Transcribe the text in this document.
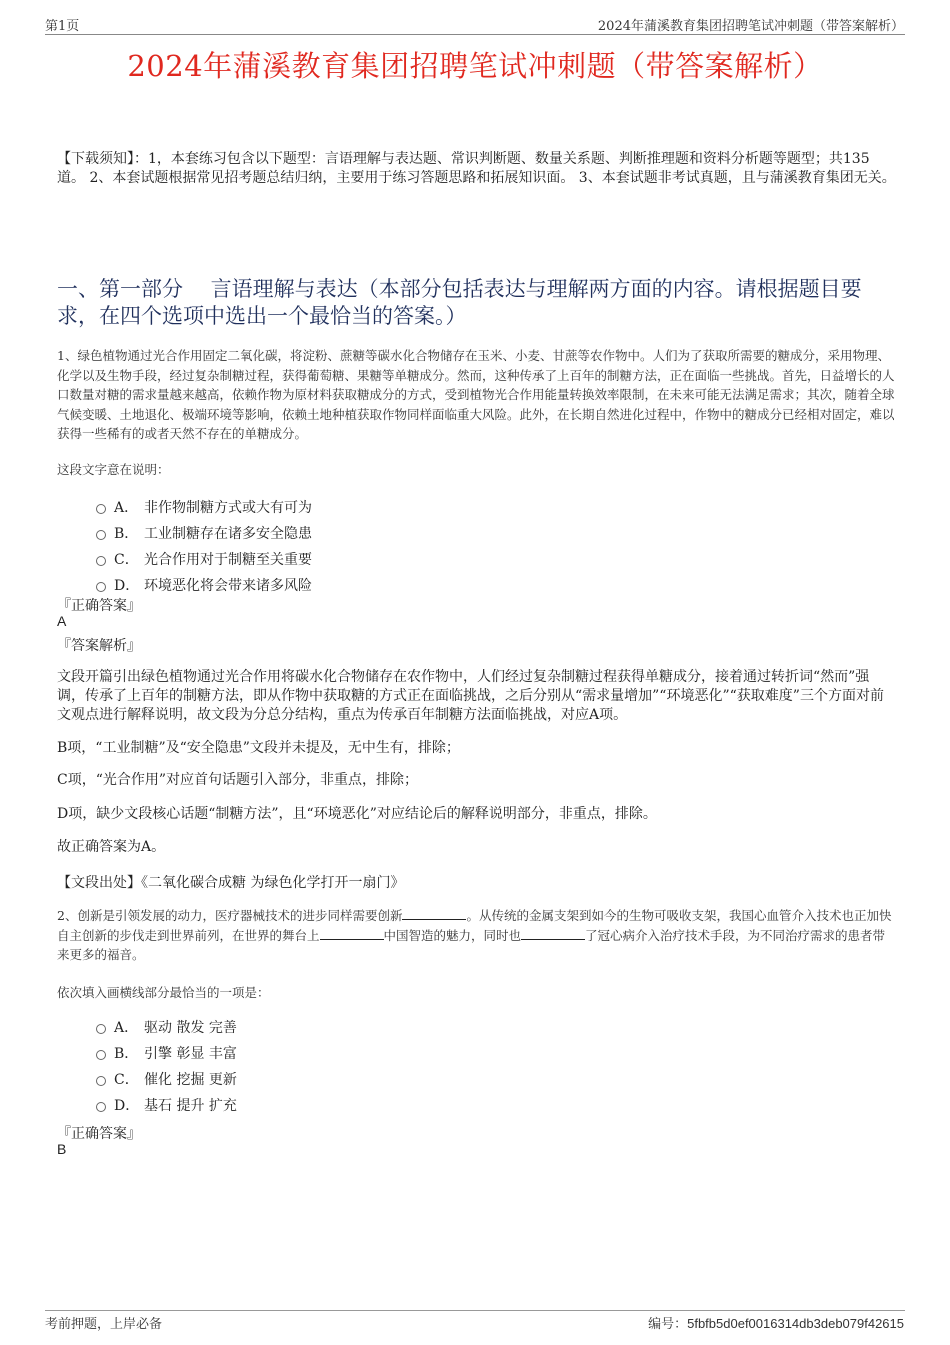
第1页	2024年蒲溪教育集团招聘笔试冲刺题（带答案解析）
2024年蒲溪教育集团招聘笔试冲刺题（带答案解析）
【下载须知】：1，本套练习包含以下题型：言语理解与表达题、常识判断题、数量关系题、判断推理题和资料分析题等题型；共135道。 2、本套试题根据常见招考题总结归纳，主要用于练习答题思路和拓展知识面。 3、本套试题非考试真题，且与蒲溪教育集团无关。
一、第一部分　 言语理解与表达（本部分包括表达与理解两方面的内容。请根据题目要求，在四个选项中选出一个最恰当的答案。）
1、绿色植物通过光合作用固定二氧化碳，将淀粉、蔗糖等碳水化合物储存在玉米、小麦、甘蔗等农作物中。人们为了获取所需要的糖成分，采用物理、化学以及生物手段，经过复杂制糖过程，获得葡萄糖、果糖等单糖成分。然而，这种传承了上百年的制糖方法，正在面临一些挑战。首先，日益增长的人口数量对糖的需求量越来越高，依赖作物为原材料获取糖成分的方式，受到植物光合作用能量转换效率限制，在未来可能无法满足需求；其次，随着全球气候变暖、土地退化、极端环境等影响，依赖土地种植获取作物同样面临重大风险。此外，在长期自然进化过程中，作物中的糖成分已经相对固定，难以获得一些稀有的或者天然不存在的单糖成分。
这段文字意在说明：
A． 非作物制糖方式或大有可为
B． 工业制糖存在诸多安全隐患
C． 光合作用对于制糖至关重要
D． 环境恶化将会带来诸多风险
『正确答案』
A
『答案解析』
文段开篇引出绿色植物通过光合作用将碳水化合物储存在农作物中，人们经过复杂制糖过程获得单糖成分，接着通过转折词“然而”强调，传承了上百年的制糖方法，即从作物中获取糖的方式正在面临挑战，之后分别从“需求量增加”“环境恶化”“获取难度”三个方面对前文观点进行解释说明，故文段为分总分结构，重点为传承百年制糖方法面临挑战，对应A项。
B项，“工业制糖”及“安全隐患”文段并未提及，无中生有，排除；
C项，“光合作用”对应首句话题引入部分，非重点，排除；
D项，缺少文段核心话题“制糖方法”，且“环境恶化”对应结论后的解释说明部分，非重点，排除。
故正确答案为A。
【文段出处】《二氧化碳合成糖 为绿色化学打开一扇门》
2、创新是引领发展的动力，医疗器械技术的进步同样需要创新	。从传统的金属支架到如今的生物可吸收支架，我国心血管介入技术也正加快自主创新的步伐走到世界前列，在世界的舞台上	中国智造的魅力，同时也	了冠心病介入治疗技术手段，为不同治疗需求的患者带来更多的福音。
依次填入画横线部分最恰当的一项是：
A． 驱动 散发 完善
B． 引擎 彰显 丰富
C． 催化 挖掘 更新
D． 基石 提升 扩充
『正确答案』
B
考前押题，上岸必备	编号：5fbfb5d0ef0016314db3deb079f42615
